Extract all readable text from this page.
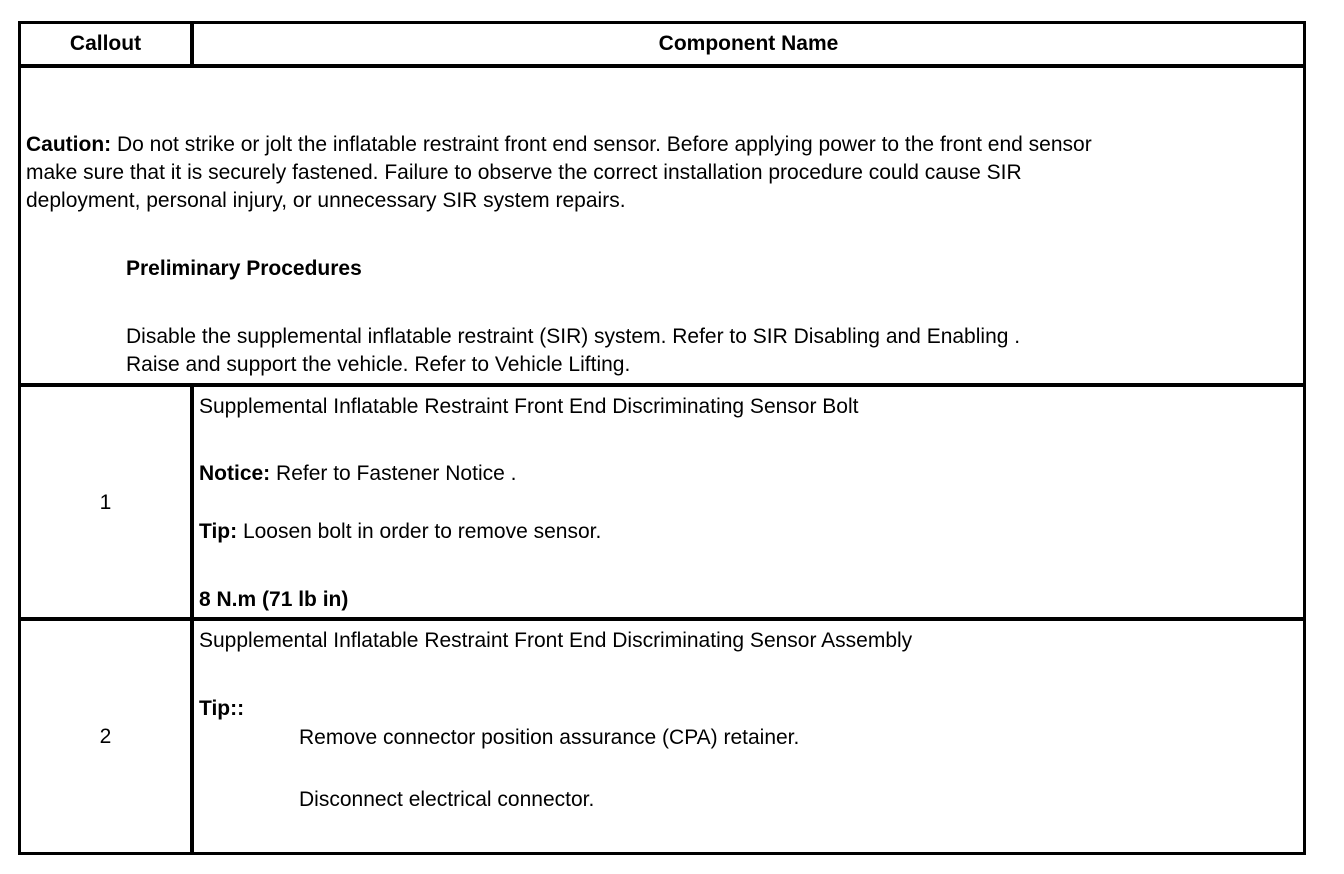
Callout	Component Name
Caution: Do not strike or jolt the inflatable restraint front end sensor. Before applying power to the front end sensor
make sure that it is securely fastened. Failure to observe the correct installation procedure could cause SIR
deployment, personal injury, or unnecessary SIR system repairs.
Preliminary Procedures
Disable the supplemental inflatable restraint (SIR) system. Refer to SIR Disabling and Enabling .
Raise and support the vehicle. Refer to Vehicle Lifting.
1
Supplemental Inflatable Restraint Front End Discriminating Sensor Bolt
Notice: Refer to Fastener Notice .
Tip: Loosen bolt in order to remove sensor.
8 N.m (71 lb in)
2
Supplemental Inflatable Restraint Front End Discriminating Sensor Assembly
Tip::
Remove connector position assurance (CPA) retainer.
Disconnect electrical connector.
